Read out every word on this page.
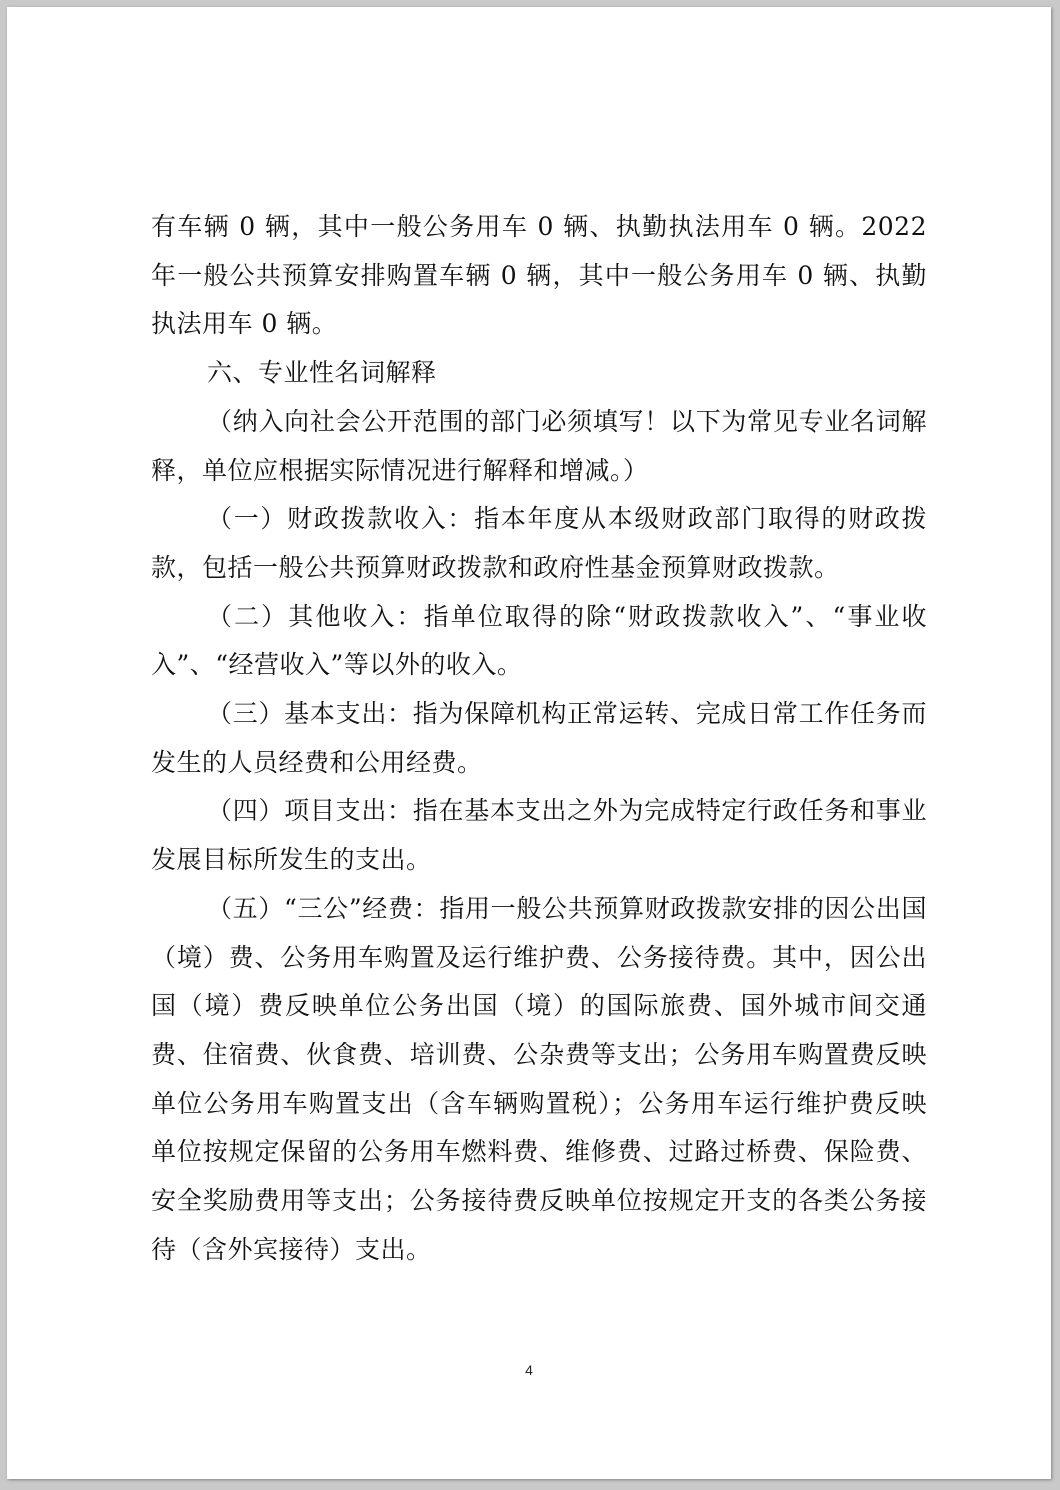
有车辆 0 辆，其中一般公务用车 0 辆、执勤执法用车 0 辆。2022 年一般公共预算安排购置车辆 0 辆，其中一般公务用车 0 辆、执勤执法用车 0 辆。

六、专业性名词解释

（纳入向社会公开范围的部门必须填写！以下为常见专业名词解释，单位应根据实际情况进行解释和增减。）

（一）财政拨款收入：指本年度从本级财政部门取得的财政拨款，包括一般公共预算财政拨款和政府性基金预算财政拨款。

（二）其他收入：指单位取得的除“财政拨款收入”、“事业收入”、“经营收入”等以外的收入。

（三）基本支出：指为保障机构正常运转、完成日常工作任务而发生的人员经费和公用经费。

（四）项目支出：指在基本支出之外为完成特定行政任务和事业发展目标所发生的支出。

（五）“三公”经费：指用一般公共预算财政拨款安排的因公出国（境）费、公务用车购置及运行维护费、公务接待费。其中，因公出国（境）费反映单位公务出国（境）的国际旅费、国外城市间交通费、住宿费、伙食费、培训费、公杂费等支出；公务用车购置费反映单位公务用车购置支出（含车辆购置税）；公务用车运行维护费反映单位按规定保留的公务用车燃料费、维修费、过路过桥费、保险费、安全奖励费用等支出；公务接待费反映单位按规定开支的各类公务接待（含外宾接待）支出。

4
